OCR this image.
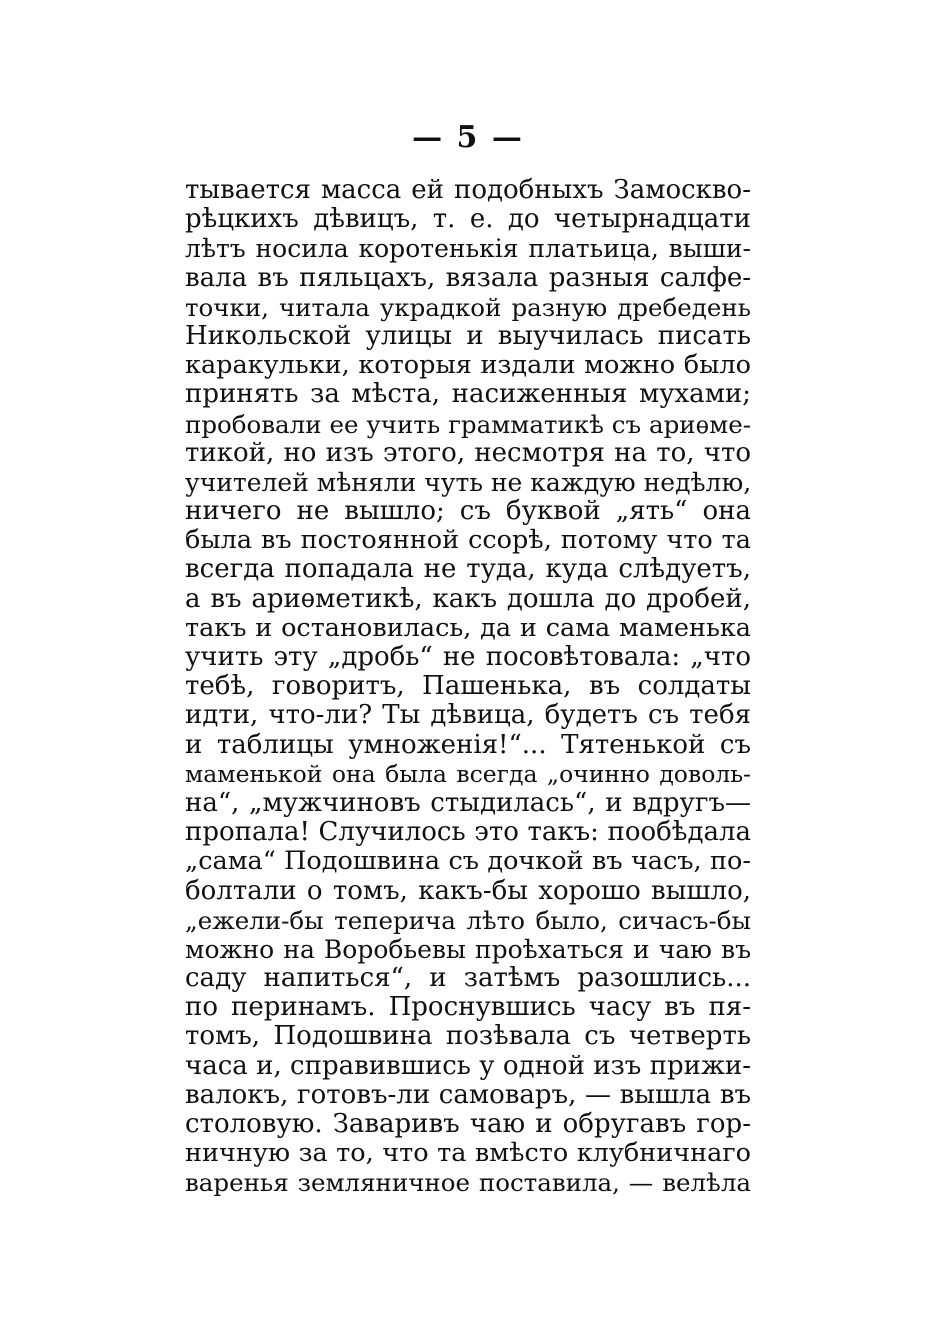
— 5 —
тывается масса ей подобныхъ Замоскво-
рѣцкихъ дѣвицъ, т. е. до четырнадцати
лѣтъ носила коротенькія платьица, выши-
вала въ пяльцахъ, вязала разныя салфе-
точки, читала украдкой разную дребедень
Никольской улицы и выучилась писать
каракульки, которыя издали можно было
принять за мѣста, насиженныя мухами;
пробовали ее учить грамматикѣ съ ариѳме-
тикой, но изъ этого, несмотря на то, что
учителей мѣняли чуть не каждую недѣлю,
ничего не вышло; съ буквой „ять“ она
была въ постоянной ссорѣ, потому что та
всегда попадала не туда, куда слѣдуетъ,
а въ ариѳметикѣ, какъ дошла до дробей,
такъ и остановилась, да и сама маменька
учить эту „дробь“ не посовѣтовала: „что
тебѣ, говоритъ, Пашенька, въ солдаты
идти, что-ли? Ты дѣвица, будетъ съ тебя
и таблицы умноженія!“... Тятенькой съ
маменькой она была всегда „очинно доволь-
на“, „мужчиновъ стыдилась“, и вдругъ—
пропала! Случилось это такъ: пообѣдала
„сама“ Подошвина съ дочкой въ часъ, по-
болтали о томъ, какъ-бы хорошо вышло,
„ежели-бы теперича лѣто было, сичасъ-бы
можно на Воробьевы проѣхаться и чаю въ
саду напиться“, и затѣмъ разошлись...
по перинамъ. Проснувшись часу въ пя-
томъ, Подошвина позѣвала съ четверть
часа и, справившись у одной изъ прижи-
валокъ, готовъ-ли самоваръ, — вышла въ
столовую. Заваривъ чаю и обругавъ гор-
ничную за то, что та вмѣсто клубничнаго
варенья земляничное поставила, — велѣла
